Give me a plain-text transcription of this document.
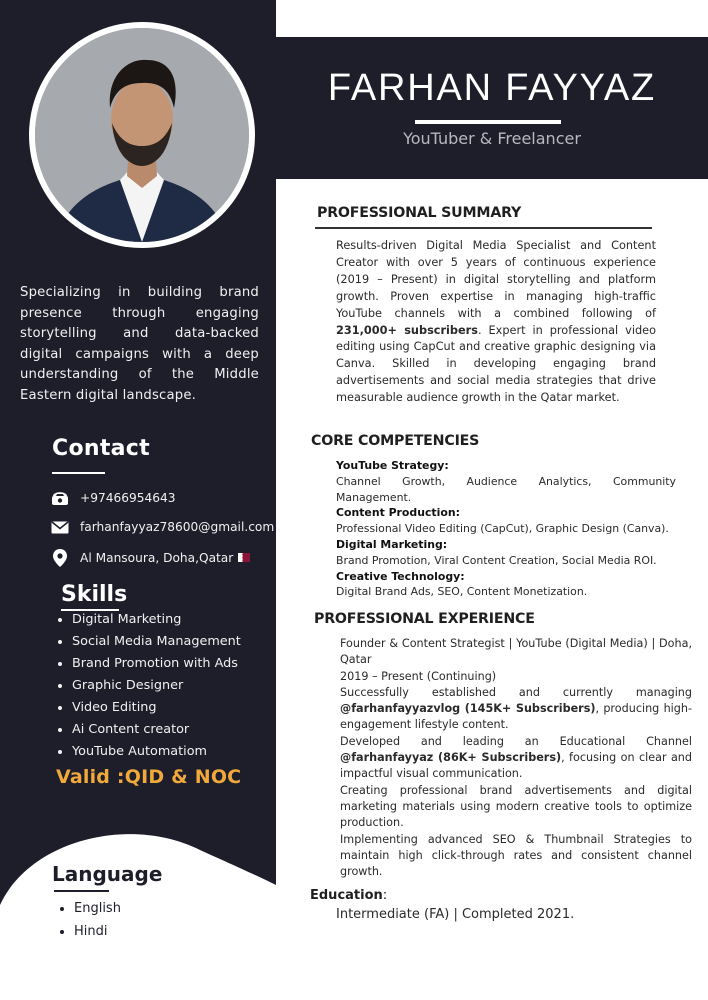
Specializing in building brand presence through engaging storytelling and data-backed digital campaigns with a deep understanding of the Middle Eastern digital landscape.
Contact
+97466954643
farhanfayyaz78600@gmail.com
Al Mansoura, Doha,Qatar
Skills
Digital Marketing
Social Media Management
Brand Promotion with Ads
Graphic Designer
Video Editing
Ai Content creator
YouTube Automatiom
Valid :QID & NOC
Language
English
Hindi
FARHAN FAYYAZ
YouTuber & Freelancer
PROFESSIONAL SUMMARY
Results-driven Digital Media Specialist and Content Creator with over 5 years of continuous experience (2019 – Present) in digital storytelling and platform growth. Proven expertise in managing high-traffic YouTube channels with a combined following of 231,000+ subscribers. Expert in professional video editing using CapCut and creative graphic designing via Canva. Skilled in developing engaging brand advertisements and social media strategies that drive measurable audience growth in the Qatar market.
CORE COMPETENCIES
YouTube Strategy:
Channel Growth, Audience Analytics, Community Management.
Content Production:
Professional Video Editing (CapCut), Graphic Design (Canva).
Digital Marketing:
Brand Promotion, Viral Content Creation, Social Media ROI.
Creative Technology:
Digital Brand Ads, SEO, Content Monetization.
PROFESSIONAL EXPERIENCE

Founder & Content Strategist | YouTube (Digital Media) | Doha, Qatar

2019 – Present (Continuing)

Successfully established and currently managing @farhanfayyazvlog (145K+ Subscribers), producing high-engagement lifestyle content.

Developed and leading an Educational Channel @farhanfayyaz (86K+ Subscribers), focusing on clear and impactful visual communication.

Creating professional brand advertisements and digital marketing materials using modern creative tools to optimize production.

Implementing advanced SEO & Thumbnail Strategies to maintain high click-through rates and consistent channel growth.

Education:
Intermediate (FA) | Completed 2021.
